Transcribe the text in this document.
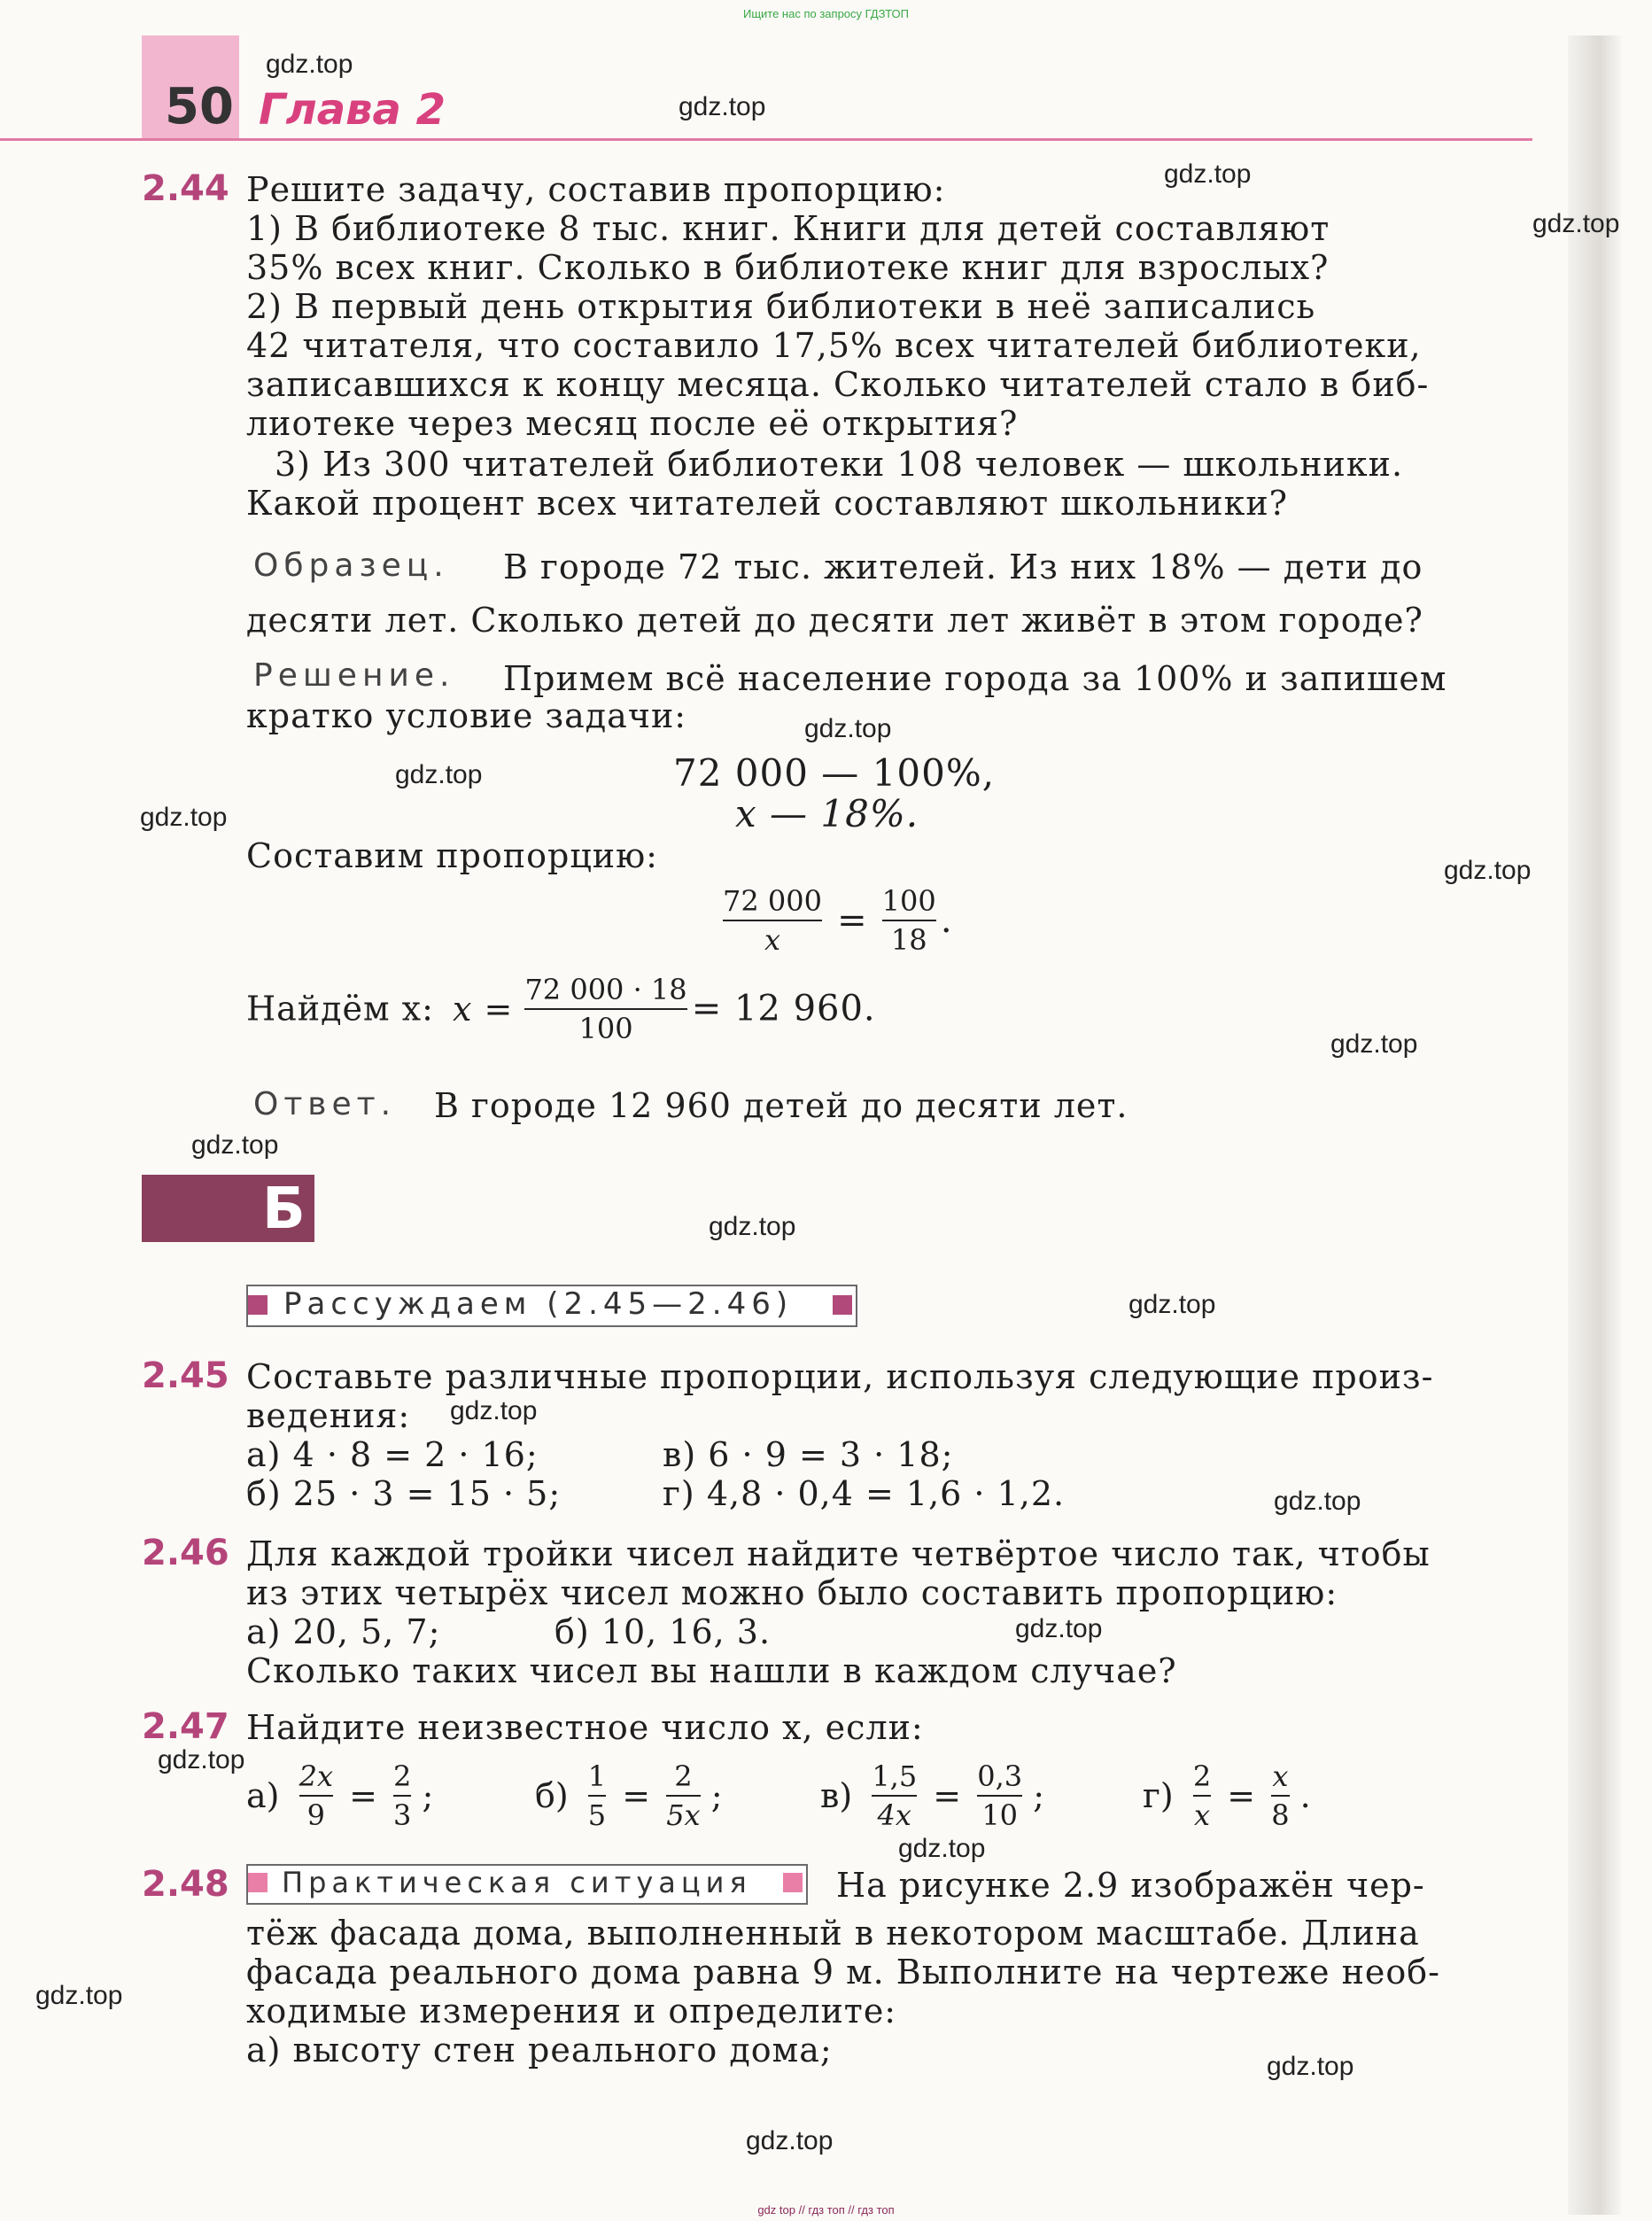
Ищите нас по запросу ГДЗТОП
50 Глава 2
gdz.top
gdz.top
gdz.top
gdz.top
gdz.top
gdz.top
gdz.top
gdz.top
gdz.top
gdz.top
gdz.top
gdz.top
gdz.top
gdz.top
gdz.top
gdz.top
gdz.top
gdz.top
gdz.top
gdz.top
2.44 Решите задачу, составив пропорцию:
1) В библиотеке 8 тыс. книг. Книги для детей составляют
35% всех книг. Сколько в библиотеке книг для взрослых?
2) В первый день открытия библиотеки в неё записались
42 читателя, что составило 17,5% всех читателей библиотеки,
записавшихся к концу месяца. Сколько читателей стало в биб-
лиотеке через месяц после её открытия?
3) Из 300 читателей библиотеки 108 человек — школьники.
Какой процент всех читателей составляют школьники?
Образец. В городе 72 тыс. жителей. Из них 18% — дети до
десяти лет. Сколько детей до десяти лет живёт в этом городе?
Решение. Примем всё население города за 100% и запишем
кратко условие задачи:
72 000 — 100%,
x — 18%.
Составим пропорцию:
$\frac{72 000}{x} = \frac{100}{18}$ .
Найдём x: $x = \frac{72 000 \cdot 18}{100} = 12$ 960.
Ответ. В городе 12 960 детей до десяти лет.
Б
Рассуждаем (2.45—2.46)
2.45 Составьте различные пропорции, используя следующие произ-
ведения:
а) 4 · 8 = 2 · 16;	в) 6 · 9 = 3 · 18;
б) 25 · 3 = 15 · 5;	г) 4,8 · 0,4 = 1,6 · 1,2.
2.46 Для каждой тройки чисел найдите четвёртое число так, чтобы
из этих четырёх чисел можно было составить пропорцию:
а) 20, 5, 7;	б) 10, 16, 3.
Сколько таких чисел вы нашли в каждом случае?
2.47 Найдите неизвестное число x, если:
$а) \frac{2x}{9} = \frac{2}{3}$ ;	$б) \frac{1}{5} = \frac{2}{5x}$ ;	$в) \frac{1,5}{4x} = \frac{0,3}{10}$ ;	$г) \frac{2}{x} = \frac{x}{8}$ .
2.48 Практическая ситуация	На рисунке 2.9 изображён чер-
тёж фасада дома, выполненный в некотором масштабе. Длина
фасада реального дома равна 9 м. Выполните на чертеже необ-
ходимые измерения и определите:
а) высоту стен реального дома;
gdz top // гдз топ // гдз топ
